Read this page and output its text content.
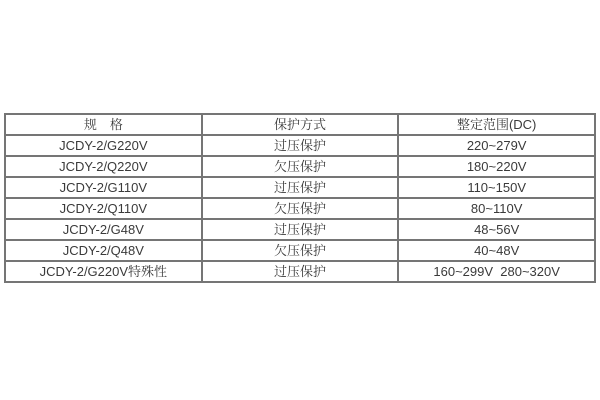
规　格	保护方式	整定范围(DC)
JCDY-2/G220V	过压保护	220~279V
JCDY-2/Q220V	欠压保护	180~220V
JCDY-2/G110V	过压保护	110~150V
JCDY-2/Q110V	欠压保护	80~110V
JCDY-2/G48V	过压保护	48~56V
JCDY-2/Q48V	欠压保护	40~48V
JCDY-2/G220V特殊性	过压保护	160~299V  280~320V
